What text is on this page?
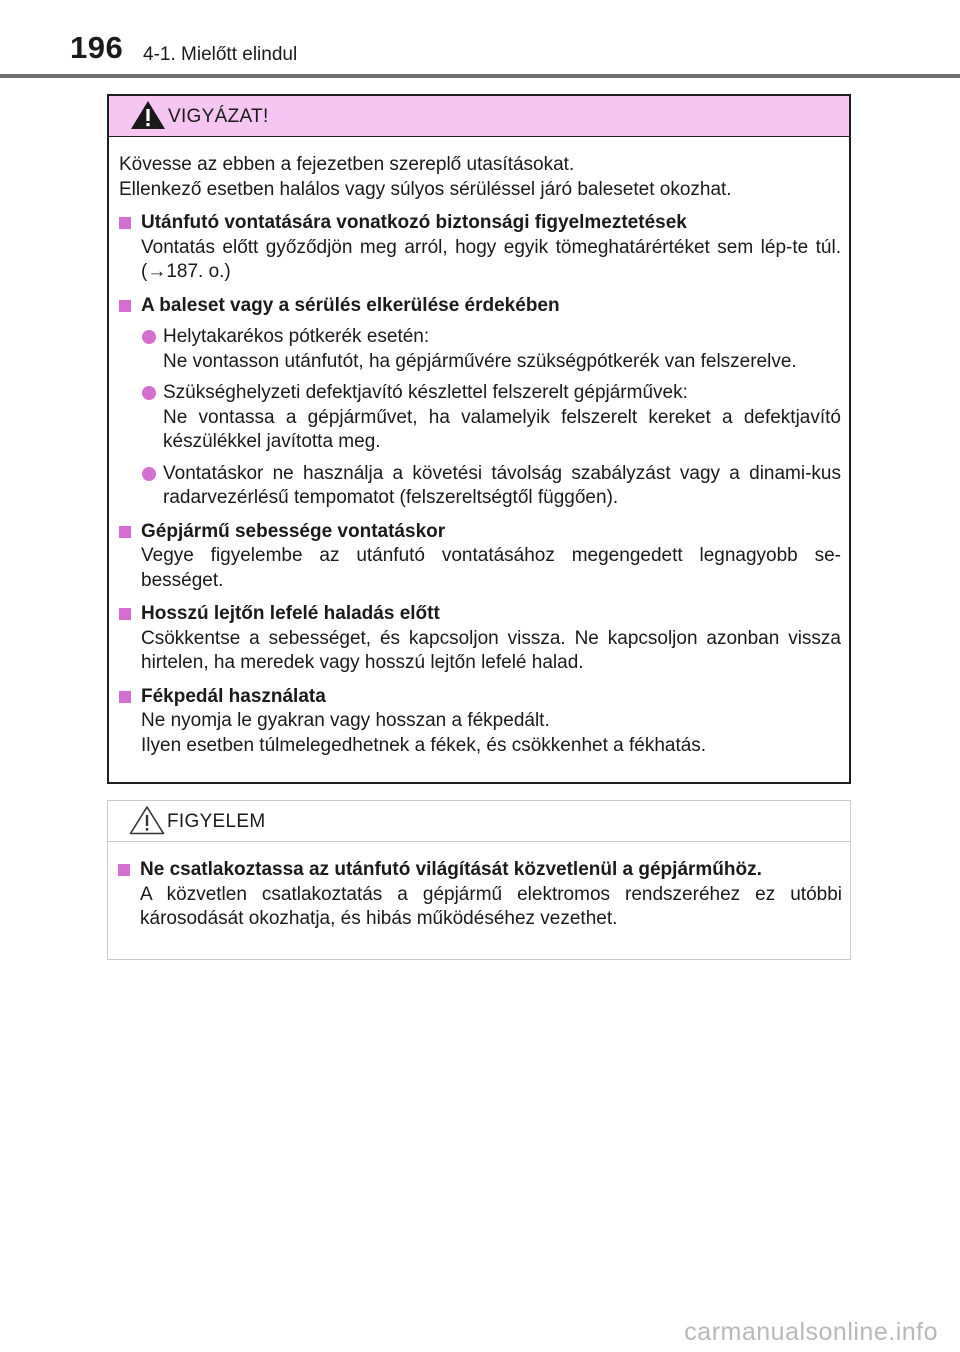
196 4-1. Mielőtt elindul
VIGYÁZAT!

Kövesse az ebben a fejezetben szereplő utasításokat.

Ellenkező esetben halálos vagy súlyos sérüléssel járó balesetet okozhat.

Utánfutó vontatására vonatkozó biztonsági figyelmeztetések

Vontatás előtt győződjön meg arról, hogy egyik tömeghatárértéket sem lép-te túl. (→187. o.)

A baleset vagy a sérülés elkerülése érdekében
Helytakarékos pótkerék esetén:
Ne vontasson utánfutót, ha gépjárművére szükségpótkerék van felszerelve.
Szükséghelyzeti defektjavító készlettel felszerelt gépjárművek:
Ne vontassa a gépjárművet, ha valamelyik felszerelt kereket a defektjavító készülékkel javította meg.
Vontatáskor ne használja a követési távolság szabályzást vagy a dinami-kus radarvezérlésű tempomatot (felszereltségtől függően).
Gépjármű sebessége vontatáskor

Vegye figyelembe az utánfutó vontatásához megengedett legnagyobb se-bességet.

Hosszú lejtőn lefelé haladás előtt

Csökkentse a sebességet, és kapcsoljon vissza. Ne kapcsoljon azonban vissza hirtelen, ha meredek vagy hosszú lejtőn lefelé halad.

Fékpedál használata

Ne nyomja le gyakran vagy hosszan a fékpedált.

Ilyen esetben túlmelegedhetnek a fékek, és csökkenhet a fékhatás.

FIGYELEM
Ne csatlakoztassa az utánfutó világítását közvetlenül a gépjárműhöz.

A közvetlen csatlakoztatás a gépjármű elektromos rendszeréhez ez utóbbi károsodását okozhatja, és hibás működéséhez vezethet.

carmanualsonline.info
